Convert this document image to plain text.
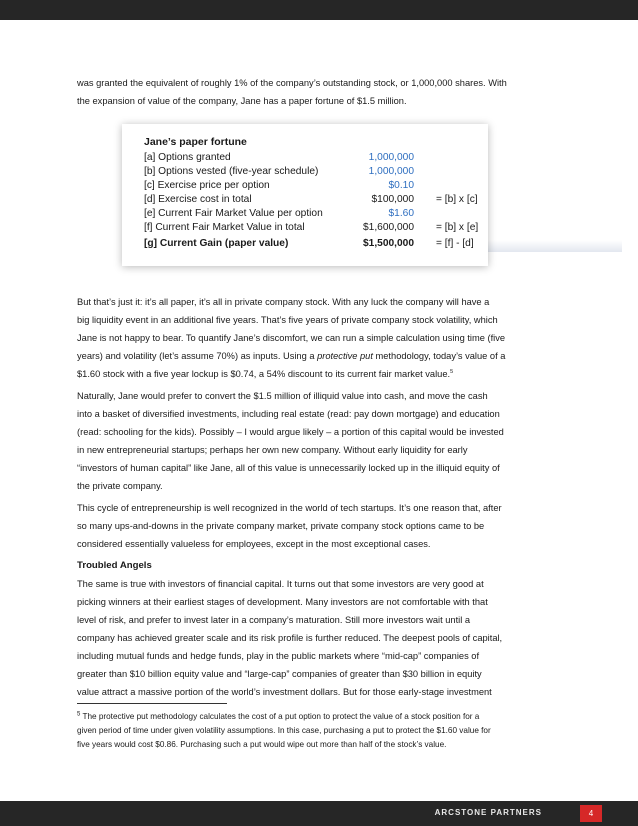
was granted the equivalent of roughly 1% of the company’s outstanding stock, or 1,000,000 shares. With
the expansion of value of the company, Jane has a paper fortune of $1.5 million.

Jane’s paper fortune
[a] Options granted	1,000,000
[b] Options vested (five-year schedule)	1,000,000
[c] Exercise price per option	$0.10
[d] Exercise cost in total	$100,000 = [b] x [c]
[e] Current Fair Market Value per option	$1.60
[f] Current Fair Market Value in total	$1,600,000 = [b] x [e]
[g] Current Gain (paper value)	$1,500,000 = [f] - [d]

But that’s just it: it’s all paper, it’s all in private company stock. With any luck the company will have a
big liquidity event in an additional five years. That’s five years of private company stock volatility, which
Jane is not happy to bear. To quantify Jane’s discomfort, we can run a simple calculation using time (five
years) and volatility (let’s assume 70%) as inputs. Using a protective put methodology, today’s value of a
$1.60 stock with a five year lockup is $0.74, a 54% discount to its current fair market value.$^5$

Naturally, Jane would prefer to convert the $1.5 million of illiquid value into cash, and move the cash
into a basket of diversified investments, including real estate (read: pay down mortgage) and education
(read: schooling for the kids). Possibly – I would argue likely – a portion of this capital would be invested
in new entrepreneurial startups; perhaps her own new company. Without early liquidity for early
“investors of human capital” like Jane, all of this value is unnecessarily locked up in the illiquid equity of
the private company.

This cycle of entrepreneurship is well recognized in the world of tech startups. It’s one reason that, after
so many ups-and-downs in the private company market, private company stock options came to be
considered essentially valueless for employees, except in the most exceptional cases.

Troubled Angels

The same is true with investors of financial capital. It turns out that some investors are very good at
picking winners at their earliest stages of development. Many investors are not comfortable with that
level of risk, and prefer to invest later in a company’s maturation. Still more investors wait until a
company has achieved greater scale and its risk profile is further reduced. The deepest pools of capital,
including mutual funds and hedge funds, play in the public markets where “mid-cap” companies of
greater than $10 billion equity value and “large-cap” companies of greater than $30 billion in equity
value attract a massive portion of the world’s investment dollars. But for those early-stage investment

$^5$ The protective put methodology calculates the cost of a put option to protect the value of a stock position for a
given period of time under given volatility assumptions. In this case, purchasing a put to protect the $1.60 value for
five years would cost $0.86. Purchasing such a put would wipe out more than half of the stock’s value.
ARCSTONE PARTNERS	4
